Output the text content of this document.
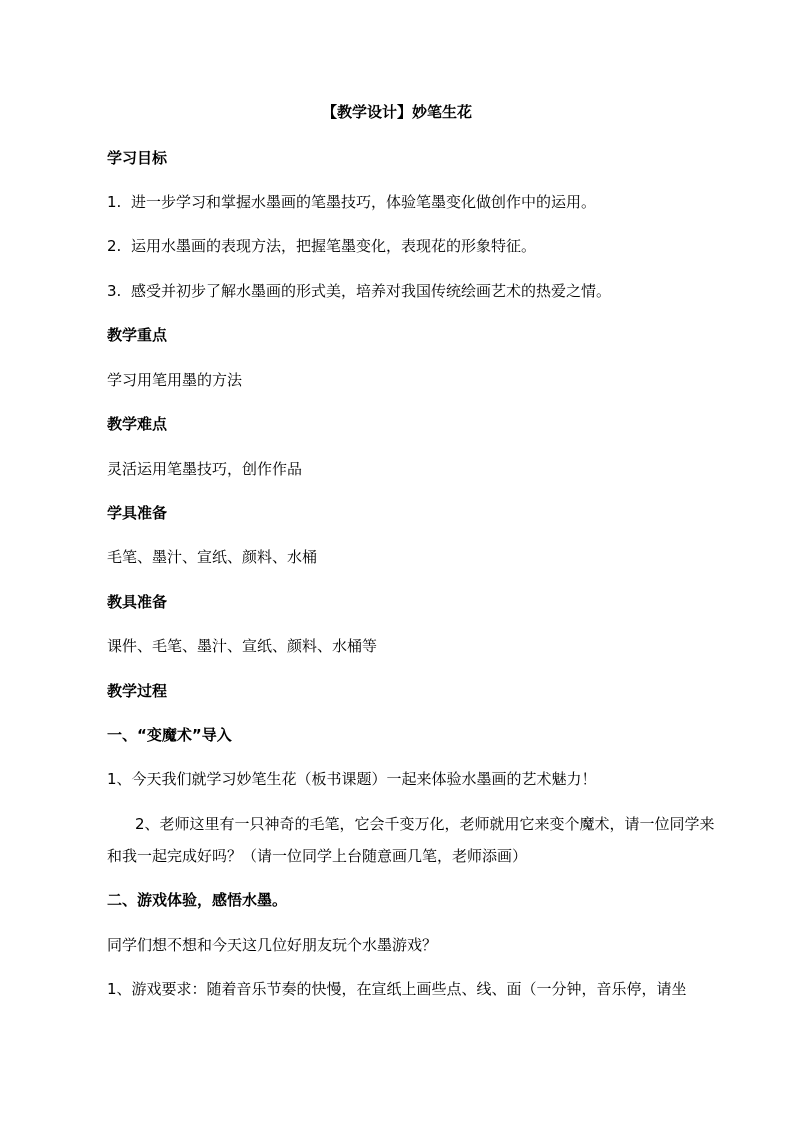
【教学设计】妙笔生花
学习目标
1. 进一步学习和掌握水墨画的笔墨技巧，体验笔墨变化做创作中的运用。
2. 运用水墨画的表现方法，把握笔墨变化，表现花的形象特征。
3. 感受并初步了解水墨画的形式美，培养对我国传统绘画艺术的热爱之情。
教学重点
学习用笔用墨的方法
教学难点
灵活运用笔墨技巧，创作作品
学具准备
毛笔、墨汁、宣纸、颜料、水桶
教具准备
课件、毛笔、墨汁、宣纸、颜料、水桶等
教学过程
一、“变魔术”导入
1、今天我们就学习妙笔生花（板书课题）一起来体验水墨画的艺术魅力！
2、老师这里有一只神奇的毛笔，它会千变万化，老师就用它来变个魔术，请一位同学来
和我一起完成好吗？（请一位同学上台随意画几笔，老师添画）
二、游戏体验，感悟水墨。
同学们想不想和今天这几位好朋友玩个水墨游戏？
1、游戏要求：随着音乐节奏的快慢，在宣纸上画些点、线、面（一分钟，音乐停，请坐
